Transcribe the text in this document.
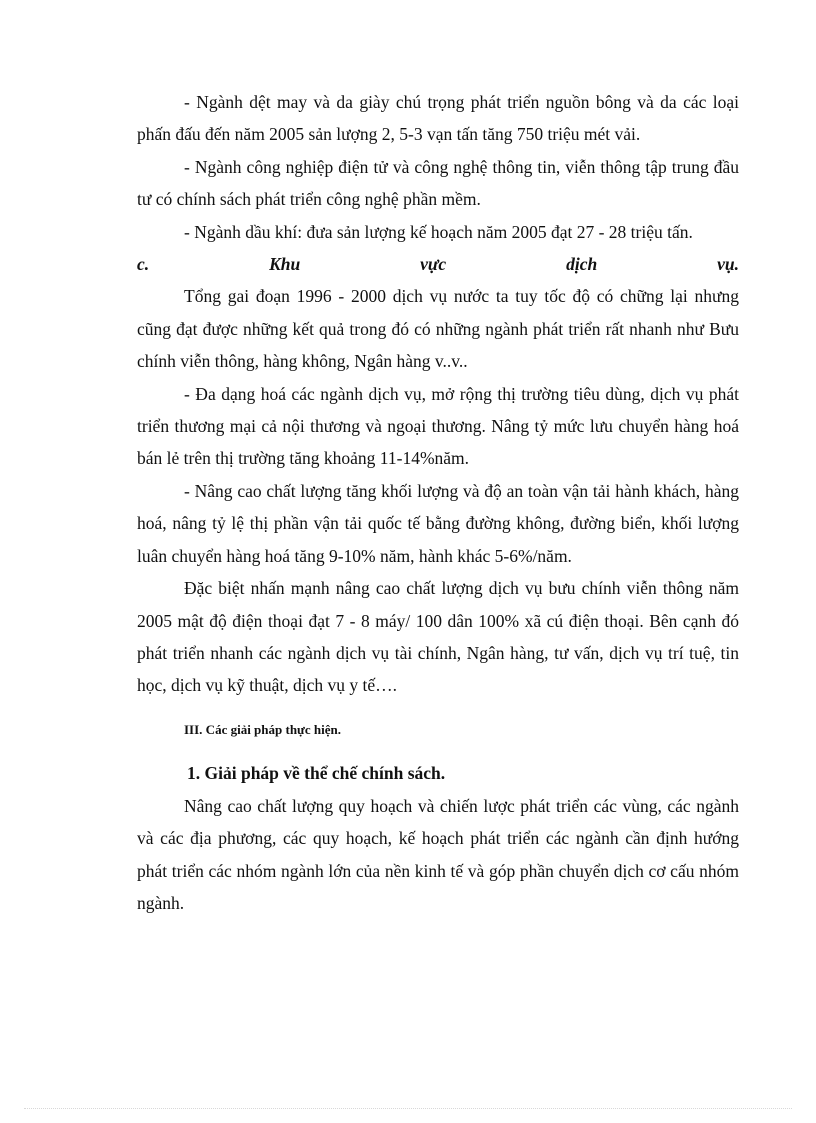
- Ngành dệt may và da giày chú trọng phát triển nguồn bông và da các loại phấn đấu đến năm 2005 sản lượng 2, 5-3 vạn tấn tăng 750 triệu mét vải.

- Ngành công nghiệp điện tử và công nghệ thông tin, viễn thông tập trung đầu tư có chính sách phát triển công nghệ phần mềm.

- Ngành dầu khí: đưa sản lượng kế hoạch năm 2005 đạt 27 - 28 triệu tấn.

c. Khu vực dịch vụ.

Tổng gai đoạn 1996 - 2000 dịch vụ nước ta tuy tốc độ có chững lại nhưng cũng đạt được những kết quả trong đó có những ngành phát triển rất nhanh như Bưu chính viễn thông, hàng không, Ngân hàng v..v..

- Đa dạng hoá các ngành dịch vụ, mở rộng thị trường tiêu dùng, dịch vụ phát triển thương mại cả nội thương và ngoại thương. Nâng tỷ mức lưu chuyển hàng hoá bán lẻ trên thị trường tăng khoảng 11-14%năm.

- Nâng cao chất lượng tăng khối lượng và độ an toàn vận tải hành khách, hàng hoá, nâng tỷ lệ thị phần vận tải quốc tế bằng đường không, đường biển, khối lượng luân chuyển hàng hoá tăng 9-10% năm, hành khác 5-6%/năm.

Đặc biệt nhấn mạnh nâng cao chất lượng dịch vụ bưu chính viễn thông năm 2005 mật độ điện thoại đạt 7 - 8 máy/ 100 dân 100% xã cú điện thoại. Bên cạnh đó phát triển nhanh các ngành dịch vụ tài chính, Ngân hàng, tư vấn, dịch vụ trí tuệ, tin học, dịch vụ kỹ thuật, dịch vụ y tế….

III. Các giải pháp thực hiện.
1. Giải pháp về thể chế chính sách.

Nâng cao chất lượng quy hoạch và chiến lược phát triển các vùng, các ngành và các địa phương, các quy hoạch, kế hoạch phát triển các ngành cần định hướng phát triển các nhóm ngành lớn của nền kinh tế và góp phần chuyển dịch cơ cấu nhóm ngành.
